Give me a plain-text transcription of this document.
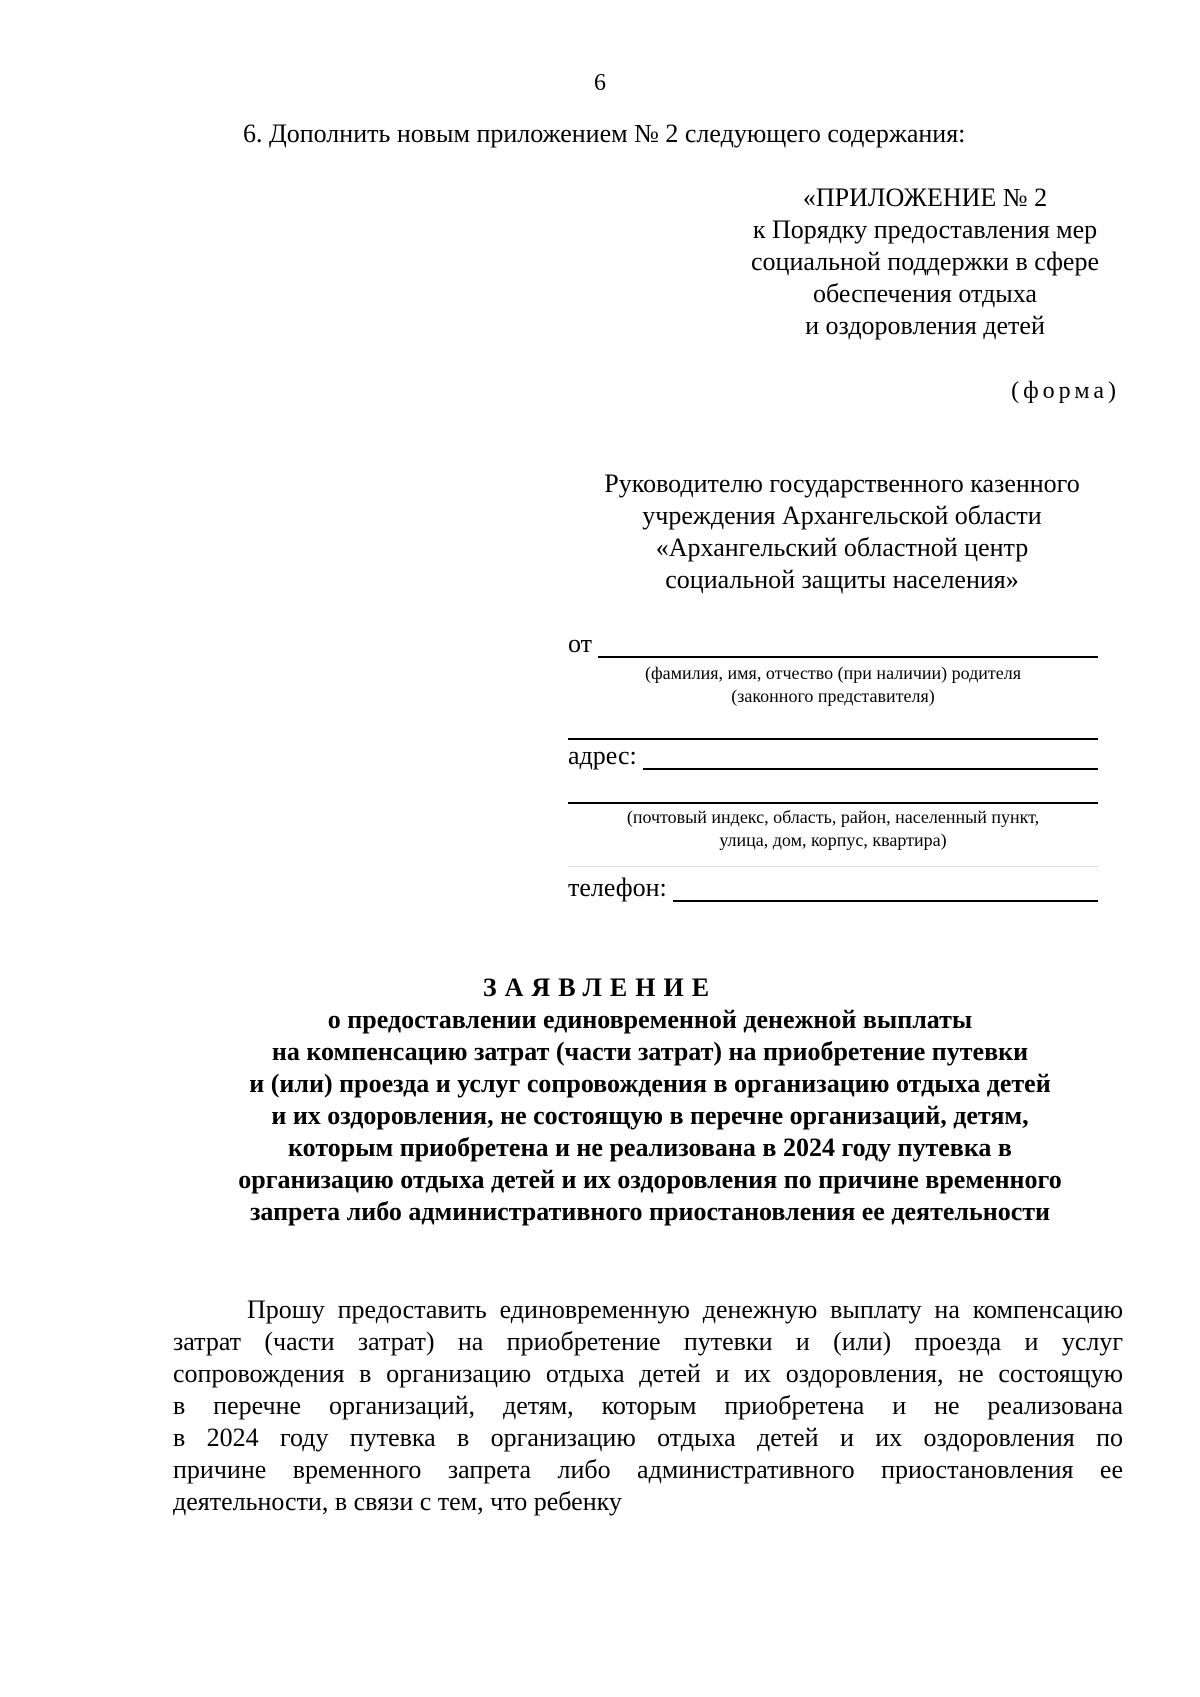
6
6. Дополнить новым приложением № 2 следующего содержания:
«ПРИЛОЖЕНИЕ № 2
к Порядку предоставления мер
социальной поддержки в сфере
обеспечения отдыха
и оздоровления детей
(форма)
Руководителю государственного казенного
учреждения Архангельской области
«Архангельский областной центр
социальной защиты населения»
от
(фамилия, имя, отчество (при наличии) родителя
(законного представителя)
адрес:
(почтовый индекс, область, район, населенный пункт,
улица, дом, корпус, квартира)
телефон:
ЗАЯВЛЕНИЕ
о предоставлении единовременной денежной выплаты
на компенсацию затрат (части затрат) на приобретение путевки
и (или) проезда и услуг сопровождения в организацию отдыха детей
и их оздоровления, не состоящую в перечне организаций, детям,
которым приобретена и не реализована в 2024 году путевка в
организацию отдыха детей и их оздоровления по причине временного
запрета либо административного приостановления ее деятельности
Прошу предоставить единовременную денежную выплату на компенсацию
затрат (части затрат) на приобретение путевки и (или) проезда и услуг
сопровождения в организацию отдыха детей и их оздоровления, не состоящую
в перечне организаций, детям, которым приобретена и не реализована
в 2024 году путевка в организацию отдыха детей и их оздоровления по
причине временного запрета либо административного приостановления ее
деятельности, в связи с тем, что ребенку
